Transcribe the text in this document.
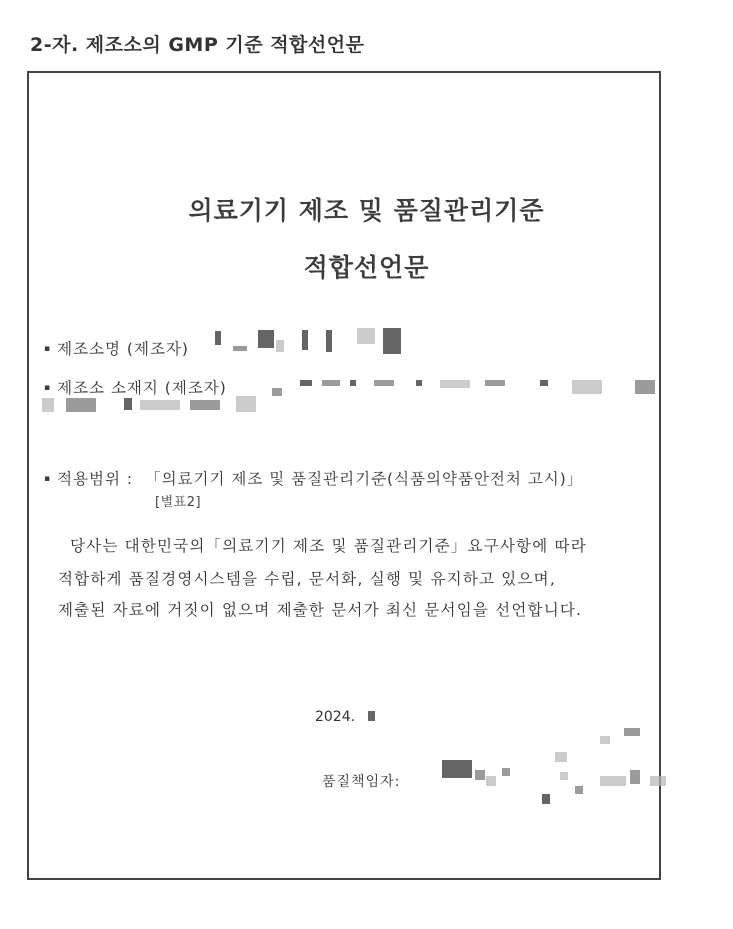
2-자. 제조소의 GMP 기준 적합선언문
의료기기 제조 및 품질관리기준
적합선언문
▪ 제조소명 (제조자)
▪ 제조소 소재지 (제조자)
▪ 적용범위 : 「의료기기 제조 및 품질관리기준(식품의약품안전처 고시)」
[별표2]
당사는 대한민국의「의료기기 제조 및 품질관리기준」요구사항에 따라
적합하게 품질경영시스템을 수립, 문서화, 실행 및 유지하고 있으며,
제출된 자료에 거짓이 없으며 제출한 문서가 최신 문서임을 선언합니다.
2024.
품질책임자:
